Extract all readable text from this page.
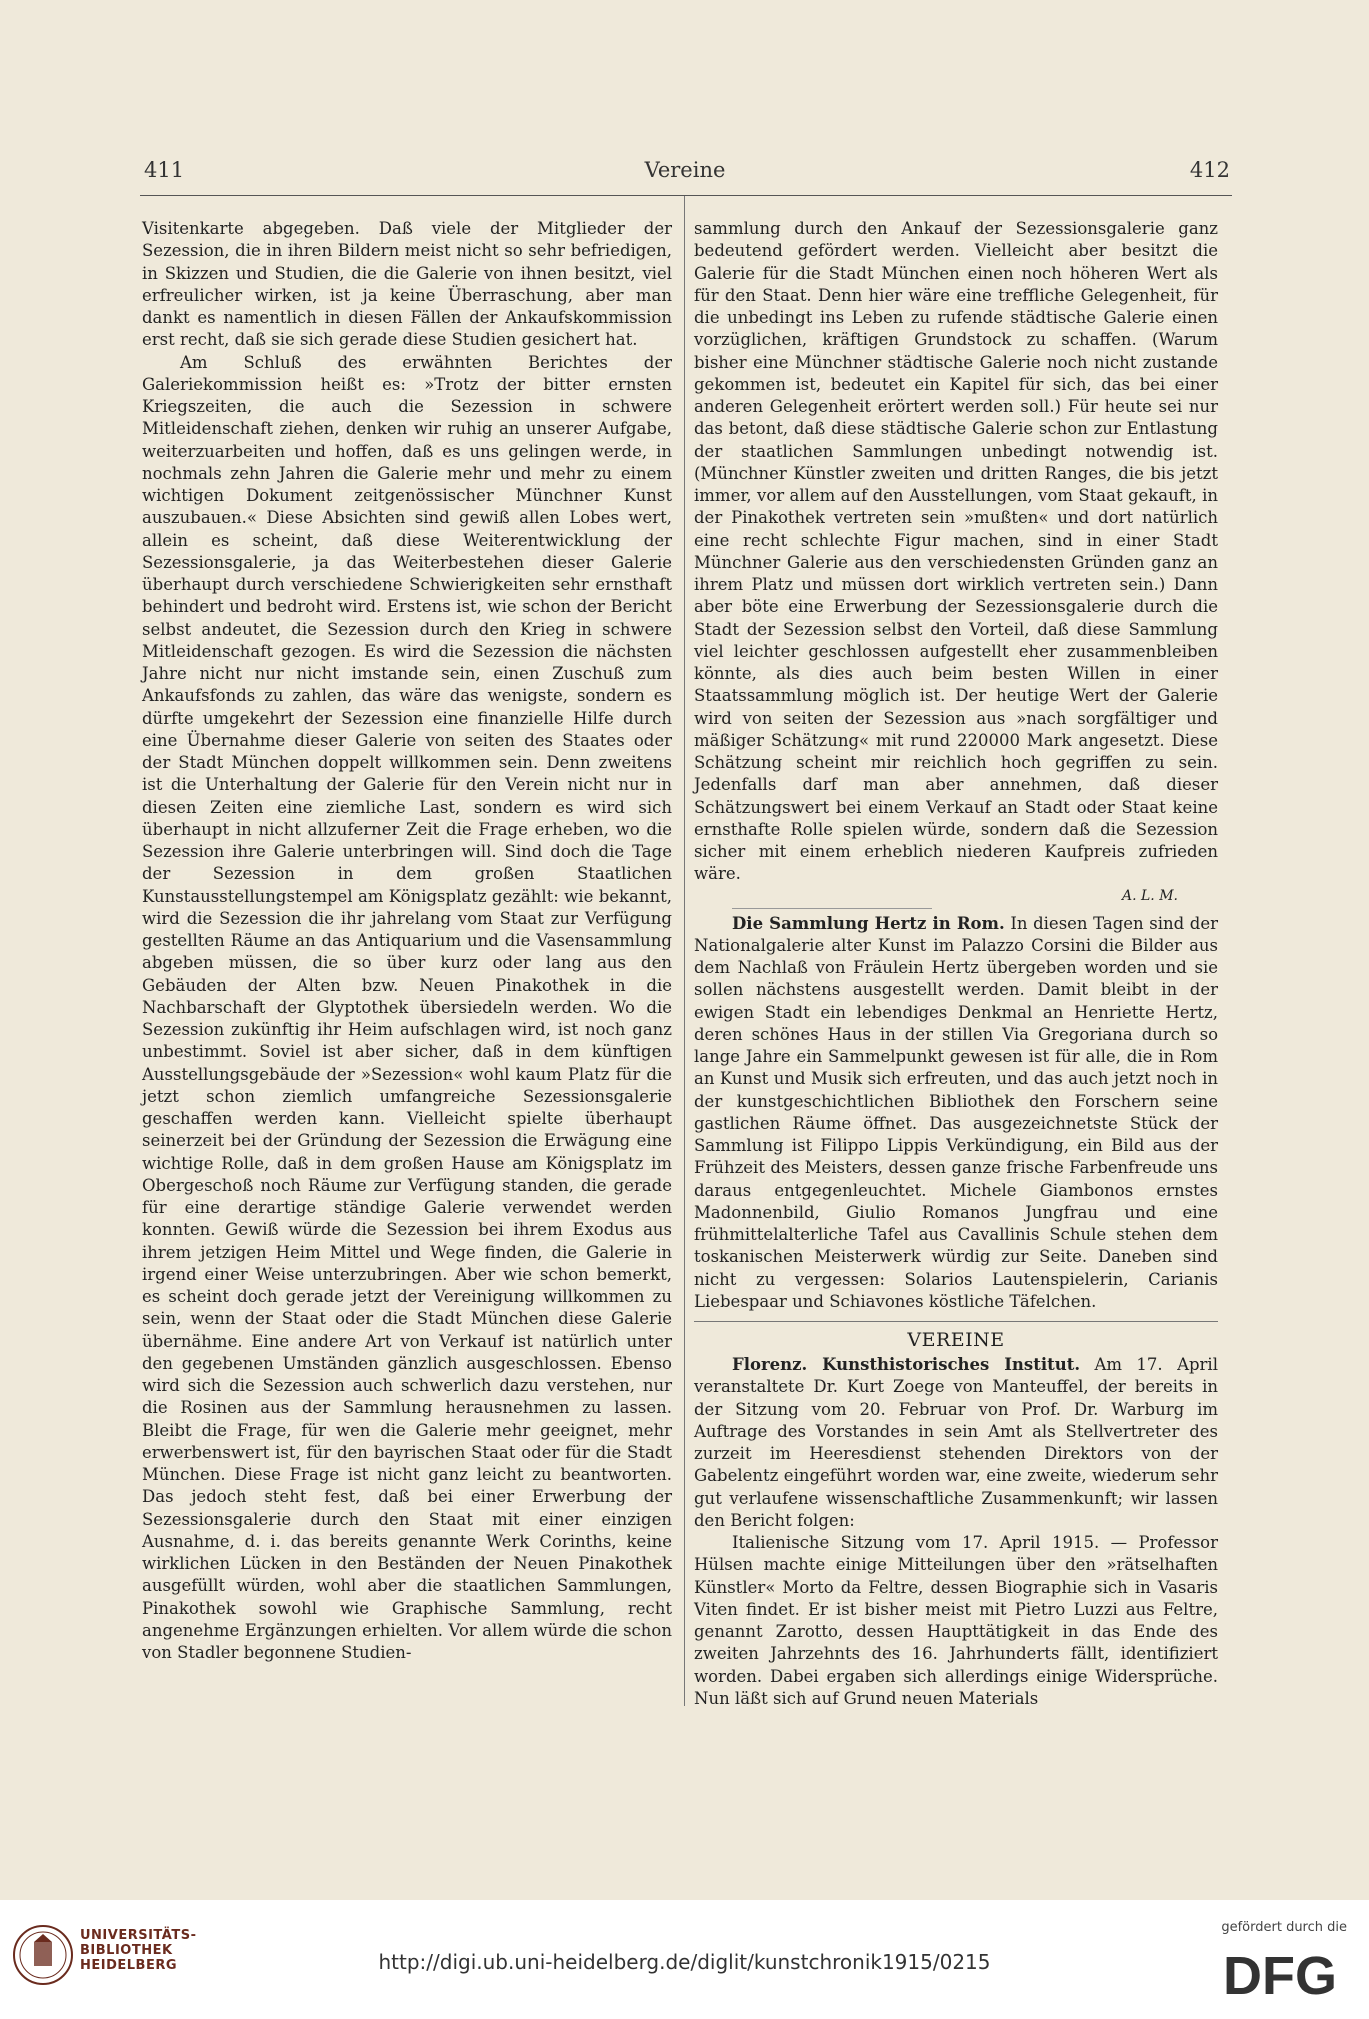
411	Vereine	412

Visitenkarte abgegeben. Daß viele der Mitglieder der Sezession, die in ihren Bildern meist nicht so sehr befriedigen, in Skizzen und Studien, die die Galerie von ihnen besitzt, viel erfreulicher wirken, ist ja keine Überraschung, aber man dankt es namentlich in diesen Fällen der Ankaufskommission erst recht, daß sie sich gerade diese Studien gesichert hat.

Am Schluß des erwähnten Berichtes der Galeriekommission heißt es: »Trotz der bitter ernsten Kriegszeiten, die auch die Sezession in schwere Mitleidenschaft ziehen, denken wir ruhig an unserer Aufgabe, weiterzuarbeiten und hoffen, daß es uns gelingen werde, in nochmals zehn Jahren die Galerie mehr und mehr zu einem wichtigen Dokument zeitgenössischer Münchner Kunst auszubauen.« Diese Absichten sind gewiß allen Lobes wert, allein es scheint, daß diese Weiterentwicklung der Sezessionsgalerie, ja das Weiterbestehen dieser Galerie überhaupt durch verschiedene Schwierigkeiten sehr ernsthaft behindert und bedroht wird. Erstens ist, wie schon der Bericht selbst andeutet, die Sezession durch den Krieg in schwere Mitleidenschaft gezogen. Es wird die Sezession die nächsten Jahre nicht nur nicht imstande sein, einen Zuschuß zum Ankaufsfonds zu zahlen, das wäre das wenigste, sondern es dürfte umgekehrt der Sezession eine finanzielle Hilfe durch eine Übernahme dieser Galerie von seiten des Staates oder der Stadt München doppelt willkommen sein. Denn zweitens ist die Unterhaltung der Galerie für den Verein nicht nur in diesen Zeiten eine ziemliche Last, sondern es wird sich überhaupt in nicht allzuferner Zeit die Frage erheben, wo die Sezession ihre Galerie unterbringen will. Sind doch die Tage der Sezession in dem großen Staatlichen Kunstausstellungstempel am Königsplatz gezählt: wie bekannt, wird die Sezession die ihr jahrelang vom Staat zur Verfügung gestellten Räume an das Antiquarium und die Vasensammlung abgeben müssen, die so über kurz oder lang aus den Gebäuden der Alten bzw. Neuen Pinakothek in die Nachbarschaft der Glyptothek übersiedeln werden. Wo die Sezession zukünftig ihr Heim aufschlagen wird, ist noch ganz unbestimmt. Soviel ist aber sicher, daß in dem künftigen Ausstellungsgebäude der »Sezession« wohl kaum Platz für die jetzt schon ziemlich umfangreiche Sezessionsgalerie geschaffen werden kann. Vielleicht spielte überhaupt seinerzeit bei der Gründung der Sezession die Erwägung eine wichtige Rolle, daß in dem großen Hause am Königsplatz im Obergeschoß noch Räume zur Verfügung standen, die gerade für eine derartige ständige Galerie verwendet werden konnten. Gewiß würde die Sezession bei ihrem Exodus aus ihrem jetzigen Heim Mittel und Wege finden, die Galerie in irgend einer Weise unterzubringen. Aber wie schon bemerkt, es scheint doch gerade jetzt der Vereinigung willkommen zu sein, wenn der Staat oder die Stadt München diese Galerie übernähme. Eine andere Art von Verkauf ist natürlich unter den gegebenen Umständen gänzlich ausgeschlossen. Ebenso wird sich die Sezession auch schwerlich dazu verstehen, nur die Rosinen aus der Sammlung herausnehmen zu lassen. Bleibt die Frage, für wen die Galerie mehr geeignet, mehr erwerbenswert ist, für den bayrischen Staat oder für die Stadt München. Diese Frage ist nicht ganz leicht zu beantworten. Das jedoch steht fest, daß bei einer Erwerbung der Sezessionsgalerie durch den Staat mit einer einzigen Ausnahme, d. i. das bereits genannte Werk Corinths, keine wirklichen Lücken in den Beständen der Neuen Pinakothek ausgefüllt würden, wohl aber die staatlichen Sammlungen, Pinakothek sowohl wie Graphische Sammlung, recht angenehme Ergänzungen erhielten. Vor allem würde die schon von Stadler begonnene Studien-

sammlung durch den Ankauf der Sezessionsgalerie ganz bedeutend gefördert werden. Vielleicht aber besitzt die Galerie für die Stadt München einen noch höheren Wert als für den Staat. Denn hier wäre eine treffliche Gelegenheit, für die unbedingt ins Leben zu rufende städtische Galerie einen vorzüglichen, kräftigen Grundstock zu schaffen. (Warum bisher eine Münchner städtische Galerie noch nicht zustande gekommen ist, bedeutet ein Kapitel für sich, das bei einer anderen Gelegenheit erörtert werden soll.) Für heute sei nur das betont, daß diese städtische Galerie schon zur Entlastung der staatlichen Sammlungen unbedingt notwendig ist. (Münchner Künstler zweiten und dritten Ranges, die bis jetzt immer, vor allem auf den Ausstellungen, vom Staat gekauft, in der Pinakothek vertreten sein »mußten« und dort natürlich eine recht schlechte Figur machen, sind in einer Stadt Münchner Galerie aus den verschiedensten Gründen ganz an ihrem Platz und müssen dort wirklich vertreten sein.) Dann aber böte eine Erwerbung der Sezessionsgalerie durch die Stadt der Sezession selbst den Vorteil, daß diese Sammlung viel leichter geschlossen aufgestellt eher zusammenbleiben könnte, als dies auch beim besten Willen in einer Staatssammlung möglich ist. Der heutige Wert der Galerie wird von seiten der Sezession aus »nach sorgfältiger und mäßiger Schätzung« mit rund 220000 Mark angesetzt. Diese Schätzung scheint mir reichlich hoch gegriffen zu sein. Jedenfalls darf man aber annehmen, daß dieser Schätzungswert bei einem Verkauf an Stadt oder Staat keine ernsthafte Rolle spielen würde, sondern daß die Sezession sicher mit einem erheblich niederen Kaufpreis zufrieden wäre.

A. L. M.

Die Sammlung Hertz in Rom. In diesen Tagen sind der Nationalgalerie alter Kunst im Palazzo Corsini die Bilder aus dem Nachlaß von Fräulein Hertz übergeben worden und sie sollen nächstens ausgestellt werden. Damit bleibt in der ewigen Stadt ein lebendiges Denkmal an Henriette Hertz, deren schönes Haus in der stillen Via Gregoriana durch so lange Jahre ein Sammelpunkt gewesen ist für alle, die in Rom an Kunst und Musik sich erfreuten, und das auch jetzt noch in der kunstgeschichtlichen Bibliothek den Forschern seine gastlichen Räume öffnet. Das ausgezeichnetste Stück der Sammlung ist Filippo Lippis Verkündigung, ein Bild aus der Frühzeit des Meisters, dessen ganze frische Farbenfreude uns daraus entgegenleuchtet. Michele Giambonos ernstes Madonnenbild, Giulio Romanos Jungfrau und eine frühmittelalterliche Tafel aus Cavallinis Schule stehen dem toskanischen Meisterwerk würdig zur Seite. Daneben sind nicht zu vergessen: Solarios Lautenspielerin, Carianis Liebespaar und Schiavones köstliche Täfelchen.

VEREINE

Florenz. Kunsthistorisches Institut. Am 17. April veranstaltete Dr. Kurt Zoege von Manteuffel, der bereits in der Sitzung vom 20. Februar von Prof. Dr. Warburg im Auftrage des Vorstandes in sein Amt als Stellvertreter des zurzeit im Heeresdienst stehenden Direktors von der Gabelentz eingeführt worden war, eine zweite, wiederum sehr gut verlaufene wissenschaftliche Zusammenkunft; wir lassen den Bericht folgen:

Italienische Sitzung vom 17. April 1915. — Professor Hülsen machte einige Mitteilungen über den »rätselhaften Künstler« Morto da Feltre, dessen Biographie sich in Vasaris Viten findet. Er ist bisher meist mit Pietro Luzzi aus Feltre, genannt Zarotto, dessen Haupttätigkeit in das Ende des zweiten Jahrzehnts des 16. Jahrhunderts fällt, identifiziert worden. Dabei ergaben sich allerdings einige Widersprüche. Nun läßt sich auf Grund neuen Materials

UNIVERSITÄTS-
BIBLIOTHEK
HEIDELBERG	http://digi.ub.uni-heidelberg.de/diglit/kunstchronik1915/0215
gefördert durch die
DFG
